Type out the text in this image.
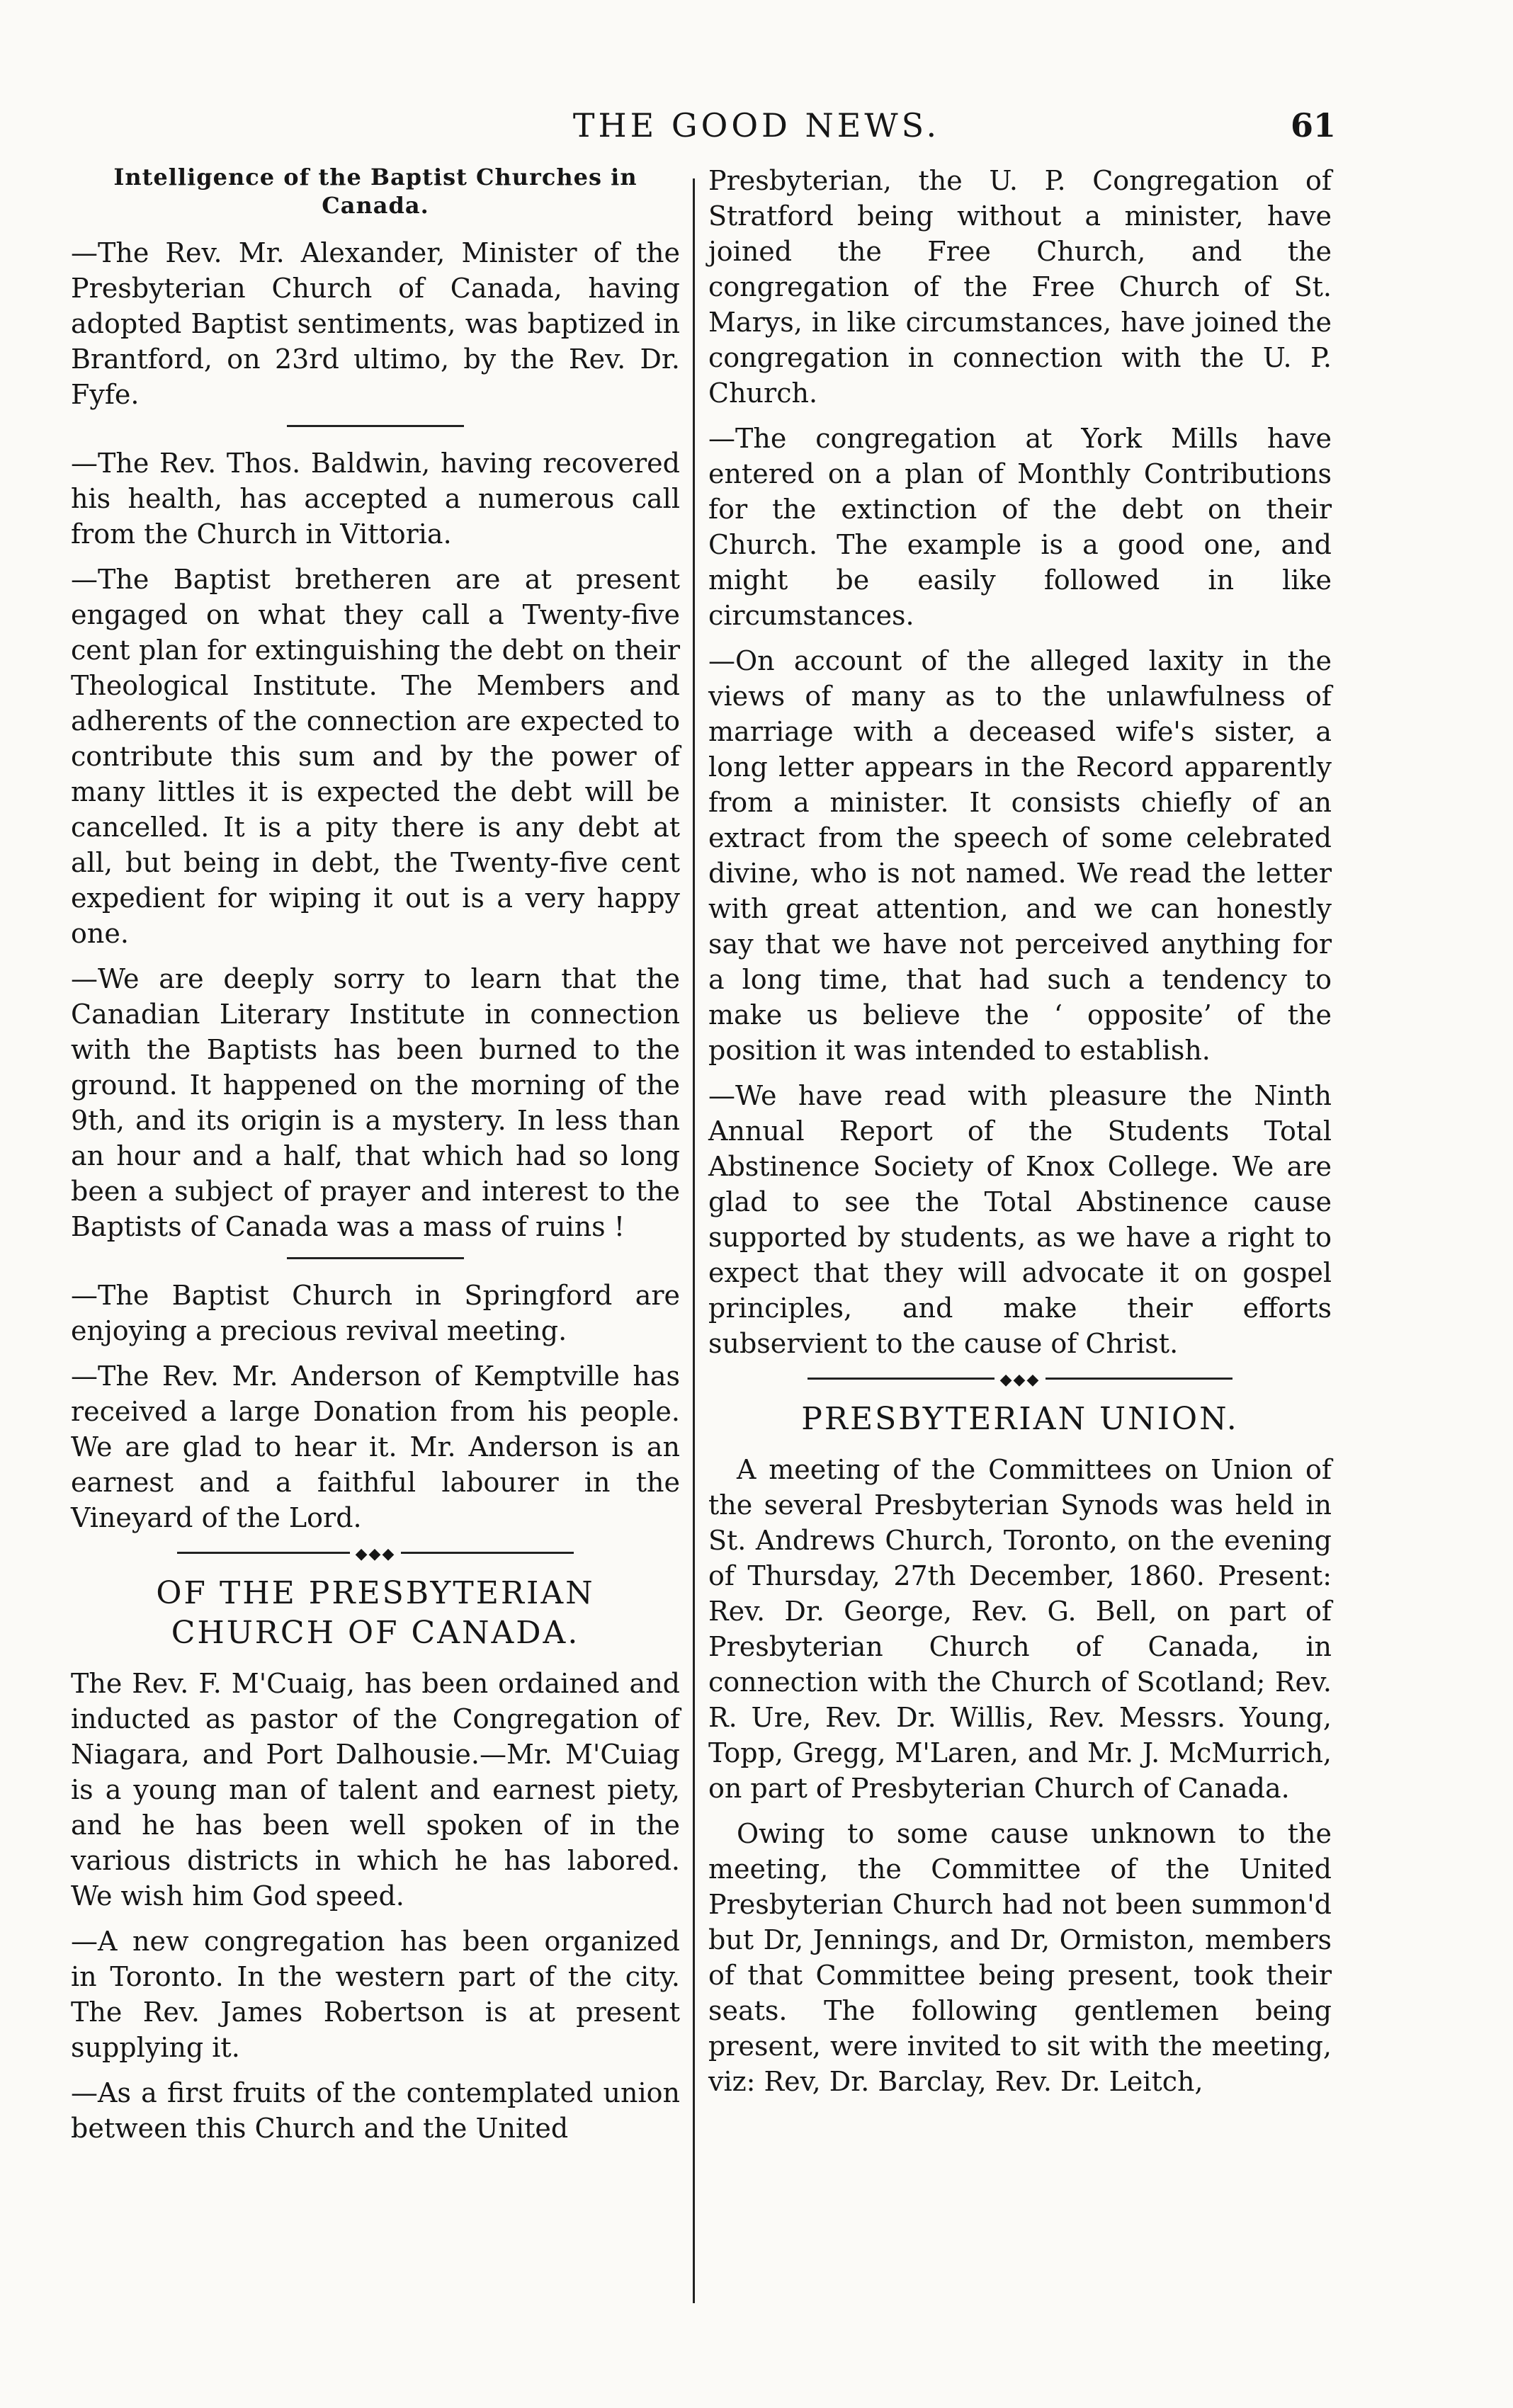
THE GOOD NEWS.	61
Intelligence of the Baptist Churches in Canada.

—The Rev. Mr. Alexander, Minister of the Presbyterian Church of Canada, having adopted Baptist sentiments, was baptized in Brantford, on 23rd ultimo, by the Rev. Dr. Fyfe.

—The Rev. Thos. Baldwin, having recovered his health, has accepted a numerous call from the Church in Vittoria.

—The Baptist bretheren are at present engaged on what they call a Twenty-five cent plan for extinguishing the debt on their Theological Institute. The Members and adherents of the connection are expected to contribute this sum and by the power of many littles it is expected the debt will be cancelled. It is a pity there is any debt at all, but being in debt, the Twenty-five cent expedient for wiping it out is a very happy one.

—We are deeply sorry to learn that the Canadian Literary Institute in connection with the Baptists has been burned to the ground. It happened on the morning of the 9th, and its origin is a mystery. In less than an hour and a half, that which had so long been a subject of prayer and interest to the Baptists of Canada was a mass of ruins !

—The Baptist Church in Springford are enjoying a precious revival meeting.

—The Rev. Mr. Anderson of Kemptville has received a large Donation from his people. We are glad to hear it. Mr. Anderson is an earnest and a faithful labourer in the Vineyard of the Lord.

◆◆◆
OF THE PRESBYTERIAN CHURCH OF CANADA.

The Rev. F. M'Cuaig, has been ordained and inducted as pastor of the Congregation of Niagara, and Port Dalhousie.—Mr. M'Cuiag is a young man of talent and earnest piety, and he has been well spoken of in the various districts in which he has labored. We wish him God speed.

—A new congregation has been organized in Toronto. In the western part of the city. The Rev. James Robertson is at present supplying it.

—As a first fruits of the contemplated union between this Church and the United

Presbyterian, the U. P. Congregation of Stratford being without a minister, have joined the Free Church, and the congregation of the Free Church of St. Marys, in like circumstances, have joined the congregation in connection with the U. P. Church.

—The congregation at York Mills have entered on a plan of Monthly Contributions for the extinction of the debt on their Church. The example is a good one, and might be easily followed in like circumstances.

—On account of the alleged laxity in the views of many as to the unlawfulness of marriage with a deceased wife's sister, a long letter appears in the Record apparently from a minister. It consists chiefly of an extract from the speech of some celebrated divine, who is not named. We read the letter with great attention, and we can honestly say that we have not perceived anything for a long time, that had such a tendency to make us believe the ‘ opposite’ of the position it was intended to establish.

—We have read with pleasure the Ninth Annual Report of the Students Total Abstinence Society of Knox College. We are glad to see the Total Abstinence cause supported by students, as we have a right to expect that they will advocate it on gospel principles, and make their efforts subservient to the cause of Christ.

◆◆◆
PRESBYTERIAN UNION.

A meeting of the Committees on Union of the several Presbyterian Synods was held in St. Andrews Church, Toronto, on the evening of Thursday, 27th December, 1860. Present: Rev. Dr. George, Rev. G. Bell, on part of Presbyterian Church of Canada, in connection with the Church of Scotland; Rev. R. Ure, Rev. Dr. Willis, Rev. Messrs. Young, Topp, Gregg, M'Laren, and Mr. J. McMurrich, on part of Presbyterian Church of Canada.

Owing to some cause unknown to the meeting, the Committee of the United Presbyterian Church had not been summon'd but Dr, Jennings, and Dr, Ormiston, members of that Committee being present, took their seats. The following gentlemen being present, were invited to sit with the meeting, viz: Rev, Dr. Barclay, Rev. Dr. Leitch,
